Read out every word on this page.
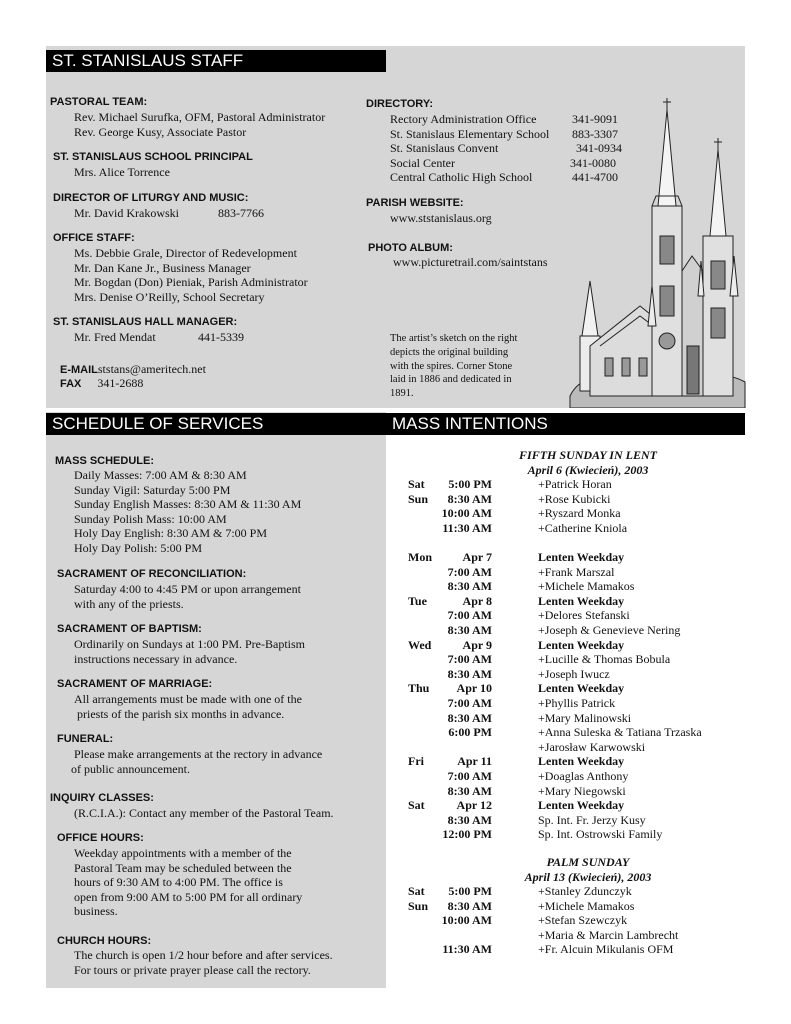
ST. STANISLAUS STAFF
SCHEDULE OF SERVICES	MASS INTENTIONS
PASTORAL TEAM:
Rev. Michael Surufka, OFM, Pastoral Administrator
Rev. George Kusy, Associate Pastor
ST. STANISLAUS SCHOOL PRINCIPAL
Mrs. Alice Torrence
DIRECTOR OF LITURGY AND MUSIC:
Mr. David Krakowski	883-7766
OFFICE STAFF:
Ms. Debbie Grale, Director of Redevelopment
Mr. Dan Kane Jr., Business Manager
Mr. Bogdan (Don) Pieniak, Parish Administrator
Mrs. Denise O’Reilly, School Secretary
ST. STANISLAUS HALL MANAGER:
Mr. Fred Mendat	441-5339
E-MAILststans@ameritech.net
FAX 341-2688
DIRECTORY:
Rectory Administration Office	341-9091
St. Stanislaus Elementary School 883-3307
St. Stanislaus Convent	341-0934
Social Center	341-0080
Central Catholic High School	441-4700
PARISH WEBSITE:
www.ststanislaus.org
PHOTO ALBUM:
www.picturetrail.com/saintstans
The artist’s sketch on the right
depicts the original building
with the spires. Corner Stone
laid in 1886 and dedicated in
1891.
MASS SCHEDULE:
Daily Masses: 7:00 AM & 8:30 AM
Sunday Vigil: Saturday 5:00 PM
Sunday English Masses: 8:30 AM & 11:30 AM
Sunday Polish Mass: 10:00 AM
Holy Day English: 8:30 AM & 7:00 PM
Holy Day Polish: 5:00 PM
SACRAMENT OF RECONCILIATION:
Saturday 4:00 to 4:45 PM or upon arrangement
with any of the priests.
SACRAMENT OF BAPTISM:
Ordinarily on Sundays at 1:00 PM. Pre-Baptism
instructions necessary in advance.
SACRAMENT OF MARRIAGE:
All arrangements must be made with one of the
priests of the parish six months in advance.
FUNERAL:
Please make arrangements at the rectory in advance
of public announcement.
INQUIRY CLASSES:
(R.C.I.A.): Contact any member of the Pastoral Team.
OFFICE HOURS:
Weekday appointments with a member of the
Pastoral Team may be scheduled between the
hours of 9:30 AM to 4:00 PM. The office is
open from 9:00 AM to 5:00 PM for all ordinary
business.
CHURCH HOURS:
The church is open 1/2 hour before and after services.
For tours or private prayer please call the rectory.
FIFTH SUNDAY IN LENT
April 6 (Kwiecień), 2003
Sat 5:00 PM	+Patrick Horan
Sun 8:30 AM	+Rose Kubicki
10:00 AM	+Ryszard Monka
11:30 AM	+Catherine Kniola
Mon	Apr 7	Lenten Weekday
7:00 AM	+Frank Marszal
8:30 AM	+Michele Mamakos
Tue	Apr 8	Lenten Weekday
7:00 AM	+Delores Stefanski
8:30 AM	+Joseph & Genevieve Nering
Wed	Apr 9	Lenten Weekday
7:00 AM	+Lucille & Thomas Bobula
8:30 AM	+Joseph Iwucz
Thu Apr 10	Lenten Weekday
7:00 AM	+Phyllis Patrick
8:30 AM	+Mary Malinowski
6:00 PM	+Anna Suleska & Tatiana Trzaska
+Jarosław Karwowski
Fri	Apr 11	Lenten Weekday
7:00 AM	+Doaglas Anthony
8:30 AM	+Mary Niegowski
Sat	Apr 12	Lenten Weekday
8:30 AM	Sp. Int. Fr. Jerzy Kusy
12:00 PM	Sp. Int. Ostrowski Family
PALM SUNDAY
April 13 (Kwiecień), 2003
Sat 5:00 PM	+Stanley Zdunczyk
Sun 8:30 AM	+Michele Mamakos
10:00 AM	+Stefan Szewczyk
+Maria & Marcin Lambrecht
11:30 AM	+Fr. Alcuin Mikulanis OFM
